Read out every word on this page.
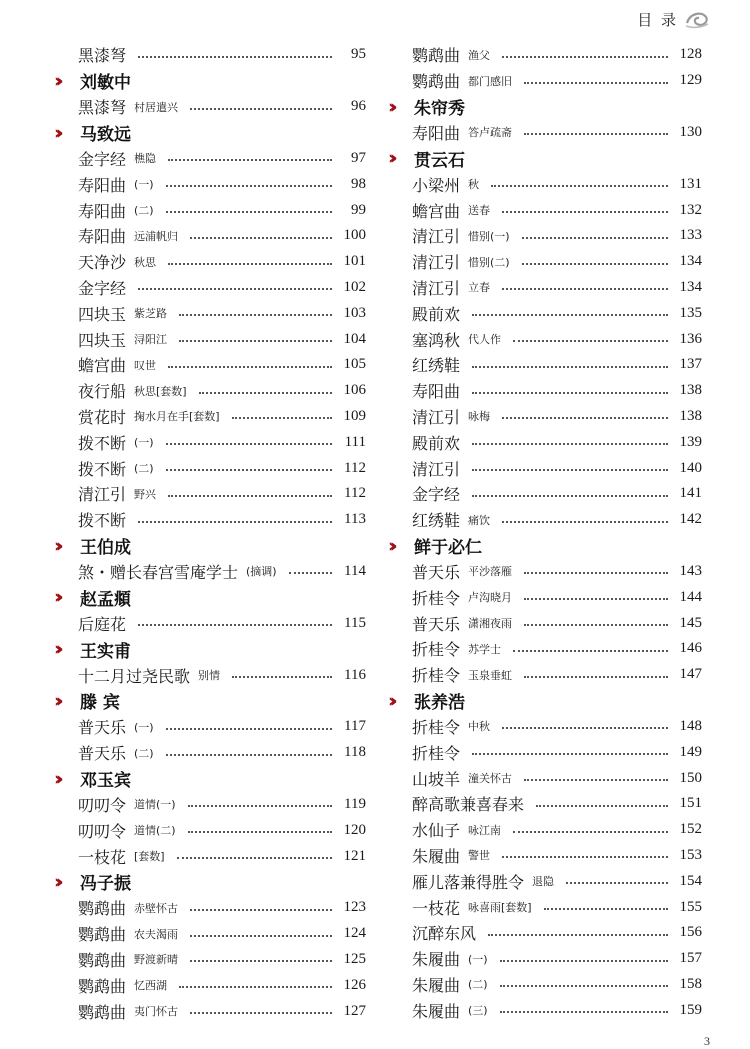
目 录
黑漆弩	95
››	刘敏中
黑漆弩 村居遣兴	96
››	马致远
金字经 樵隐	97
寿阳曲 (一)	98
寿阳曲 (二)	99
寿阳曲 远浦帆归	100
天净沙 秋思	101
金字经	102
四块玉 紫芝路	103
四块玉 浔阳江	104
蟾宫曲 叹世	105
夜行船 秋思[套数]	106
赏花时 掬水月在手[套数]	109
拨不断 (一)	111
拨不断 (二)	112
清江引 野兴	112
拨不断	113
››	王伯成
煞・赠长春宫雪庵学士 (摘调)	114
››	赵孟頫
后庭花	115
››	王实甫
十二月过尧民歌 别情	116
››	滕 宾
普天乐 (一)	117
普天乐 (二)	118
››	邓玉宾
叨叨令 道情(一)	119
叨叨令 道情(二)	120
一枝花 [套数]	121
››	冯子振
鹦鹉曲 赤壁怀古	123
鹦鹉曲 农夫渴雨	124
鹦鹉曲 野渡新晴	125
鹦鹉曲 忆西湖	126
鹦鹉曲 夷门怀古	127
鹦鹉曲 渔父	128
鹦鹉曲 都门感旧	129
››	朱帘秀
寿阳曲 答卢疏斋	130
››	贯云石
小梁州 秋	131
蟾宫曲 送春	132
清江引 惜别(一)	133
清江引 惜别(二)	134
清江引 立春	134
殿前欢	135
塞鸿秋 代人作	136
红绣鞋	137
寿阳曲	138
清江引 咏梅	138
殿前欢	139
清江引	140
金字经	141
红绣鞋 痛饮	142
››	鲜于必仁
普天乐 平沙落雁	143
折桂令 卢沟晓月	144
普天乐 潇湘夜雨	145
折桂令 苏学士	146
折桂令 玉泉垂虹	147
››	张养浩
折桂令 中秋	148
折桂令	149
山坡羊 潼关怀古	150
醉高歌兼喜春来	151
水仙子 咏江南	152
朱履曲 警世	153
雁儿落兼得胜令 退隐	154
一枝花 咏喜雨[套数]	155
沉醉东风	156
朱履曲 (一)	157
朱履曲 (二)	158
朱履曲 (三)	159
3
